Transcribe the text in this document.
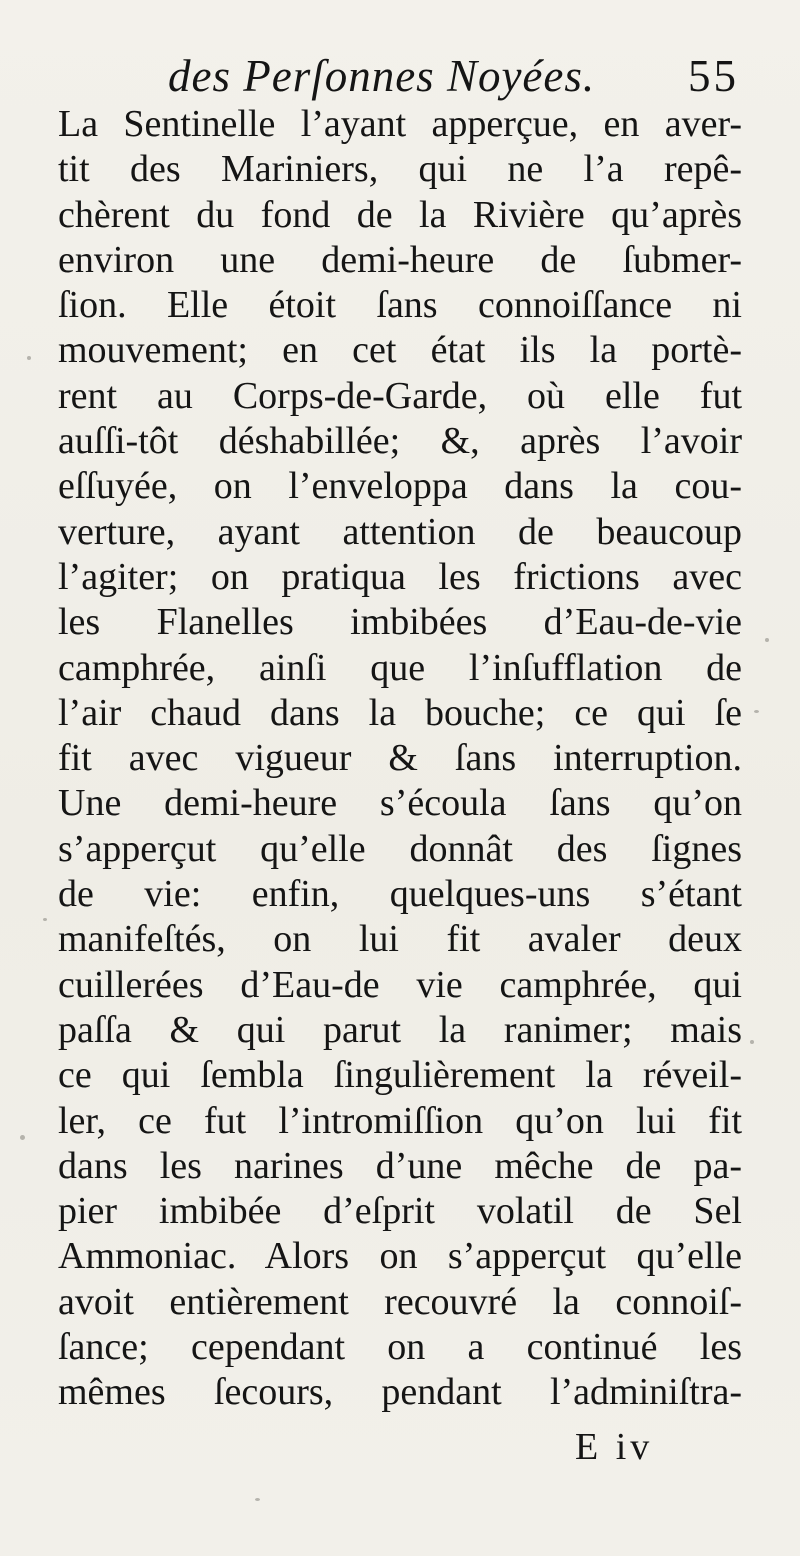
des Perſonnes Noyées. 55
La Sentinelle l’ayant apperçue, en aver-
tit des Mariniers, qui ne l’a repê-
chèrent du fond de la Rivière qu’après
environ une demi-heure de ſubmer-
ſion. Elle étoit ſans connoiſſance ni
mouvement; en cet état ils la portè-
rent au Corps-de-Garde, où elle fut
auſſi-tôt déshabillée; &, après l’avoir
eſſuyée, on l’enveloppa dans la cou-
verture, ayant attention de beaucoup
l’agiter; on pratiqua les frictions avec
les Flanelles imbibées d’Eau-de-vie
camphrée, ainſi que l’inſufflation de
l’air chaud dans la bouche; ce qui ſe
fit avec vigueur & ſans interruption.
Une demi-heure s’écoula ſans qu’on
s’apperçut qu’elle donnât des ſignes
de vie: enfin, quelques-uns s’étant
manifeſtés, on lui fit avaler deux
cuillerées d’Eau-de vie camphrée, qui
paſſa & qui parut la ranimer; mais
ce qui ſembla ſingulièrement la réveil-
ler, ce fut l’intromiſſion qu’on lui fit
dans les narines d’une mêche de pa-
pier imbibée d’eſprit volatil de Sel
Ammoniac. Alors on s’apperçut qu’elle
avoit entièrement recouvré la connoiſ-
ſance; cependant on a continué les
mêmes ſecours, pendant l’adminiſtra-
E iv
